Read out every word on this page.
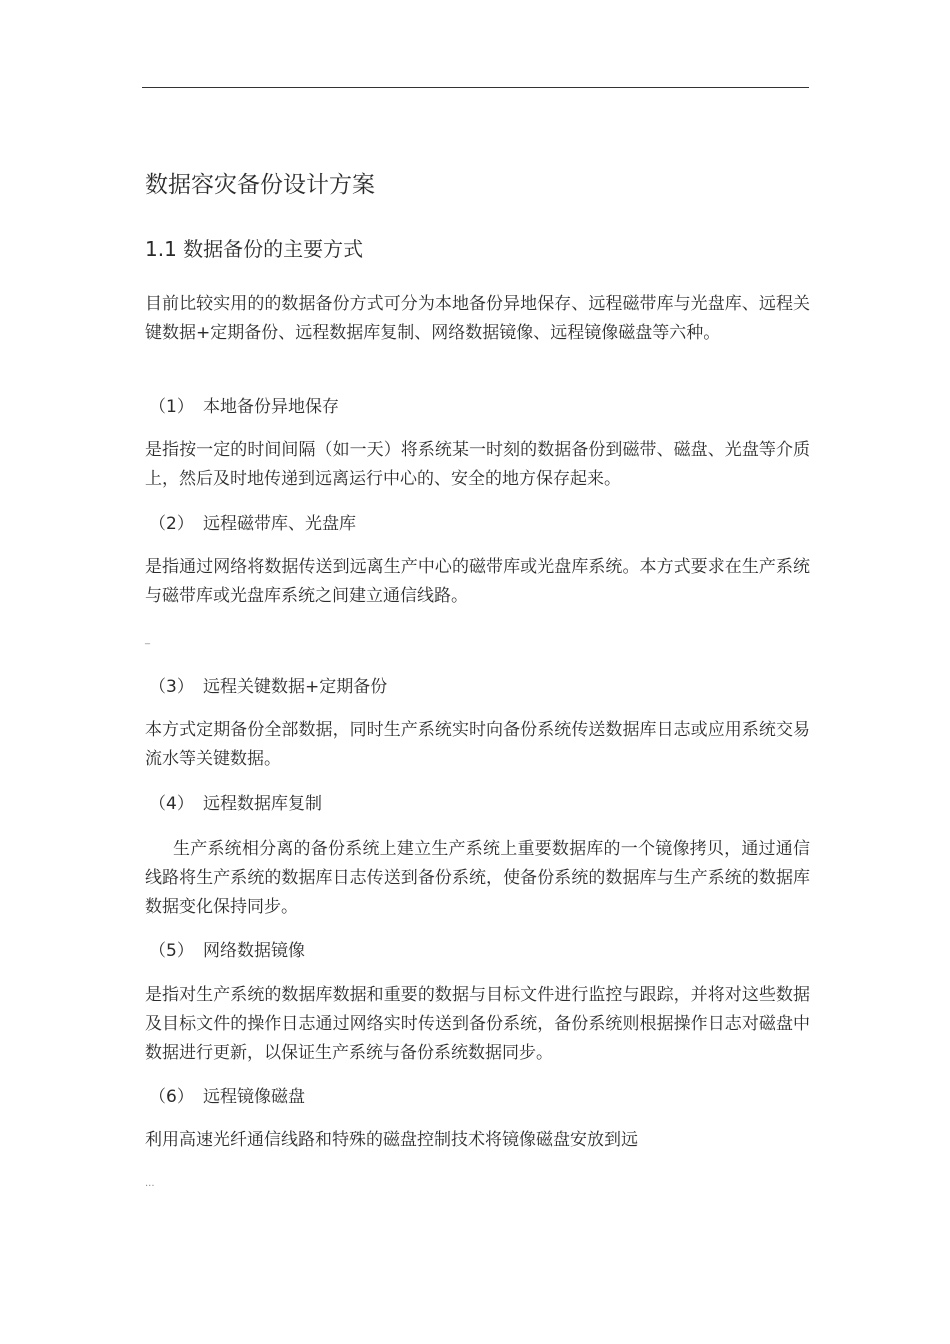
数据容灾备份设计方案
1.1 数据备份的主要方式

目前比较实用的的数据备份方式可分为本地备份异地保存、远程磁带库与光盘库、远程关键数据+定期备份、远程数据库复制、网络数据镜像、远程镜像磁盘等六种。

（1） 本地备份异地保存

是指按一定的时间间隔（如一天）将系统某一时刻的数据备份到磁带、磁盘、光盘等介质上，然后及时地传递到远离运行中心的、安全的地方保存起来。

（2） 远程磁带库、光盘库

是指通过网络将数据传送到远离生产中心的磁带库或光盘库系统。本方式要求在生产系统与磁带库或光盘库系统之间建立通信线路。

_
（3） 远程关键数据+定期备份

本方式定期备份全部数据，同时生产系统实时向备份系统传送数据库日志或应用系统交易流水等关键数据。

（4） 远程数据库复制

生产系统相分离的备份系统上建立生产系统上重要数据库的一个镜像拷贝，通过通信线路将生产系统的数据库日志传送到备份系统，使备份系统的数据库与生产系统的数据库数据变化保持同步。

（5） 网络数据镜像

是指对生产系统的数据库数据和重要的数据与目标文件进行监控与跟踪，并将对这些数据及目标文件的操作日志通过网络实时传送到备份系统，备份系统则根据操作日志对磁盘中数据进行更新，以保证生产系统与备份系统数据同步。

（6） 远程镜像磁盘

利用高速光纤通信线路和特殊的磁盘控制技术将镜像磁盘安放到远

...
